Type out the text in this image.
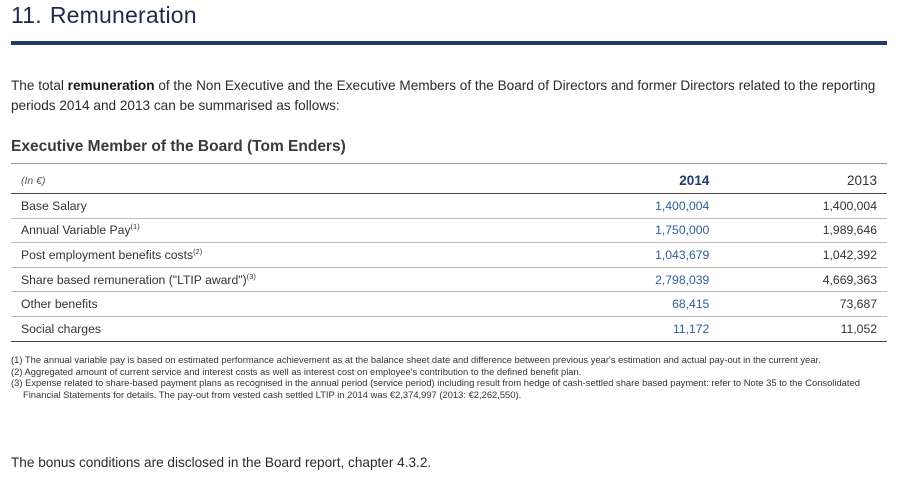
11. Remuneration
The total remuneration of the Non Executive and the Executive Members of the Board of Directors and former Directors related to the reporting periods 2014 and 2013 can be summarised as follows:
Executive Member of the Board (Tom Enders)
(In €)	2014	2013
Base Salary	1,400,004	1,400,004
Annual Variable Pay$^{(1)}$	1,750,000	1,989,646
Post employment benefits costs$^{(2)}$	1,043,679	1,042,392
Share based remuneration ("LTIP award")$^{(3)}$	2,798,039	4,669,363
Other benefits	68,415	73,687
Social charges	11,172	11,052
(1) The annual variable pay is based on estimated performance achievement as at the balance sheet date and difference between previous year's estimation and actual pay-out in the current year.
(2) Aggregated amount of current service and interest costs as well as interest cost on employee's contribution to the defined benefit plan.
(3) Expense related to share-based payment plans as recognised in the annual period (service period) including result from hedge of cash-settled share based payment: refer to Note 35 to the Consolidated Financial Statements for details. The pay-out from vested cash settled LTIP in 2014 was €2,374,997 (2013: €2,262,550).
The bonus conditions are disclosed in the Board report, chapter 4.3.2.
